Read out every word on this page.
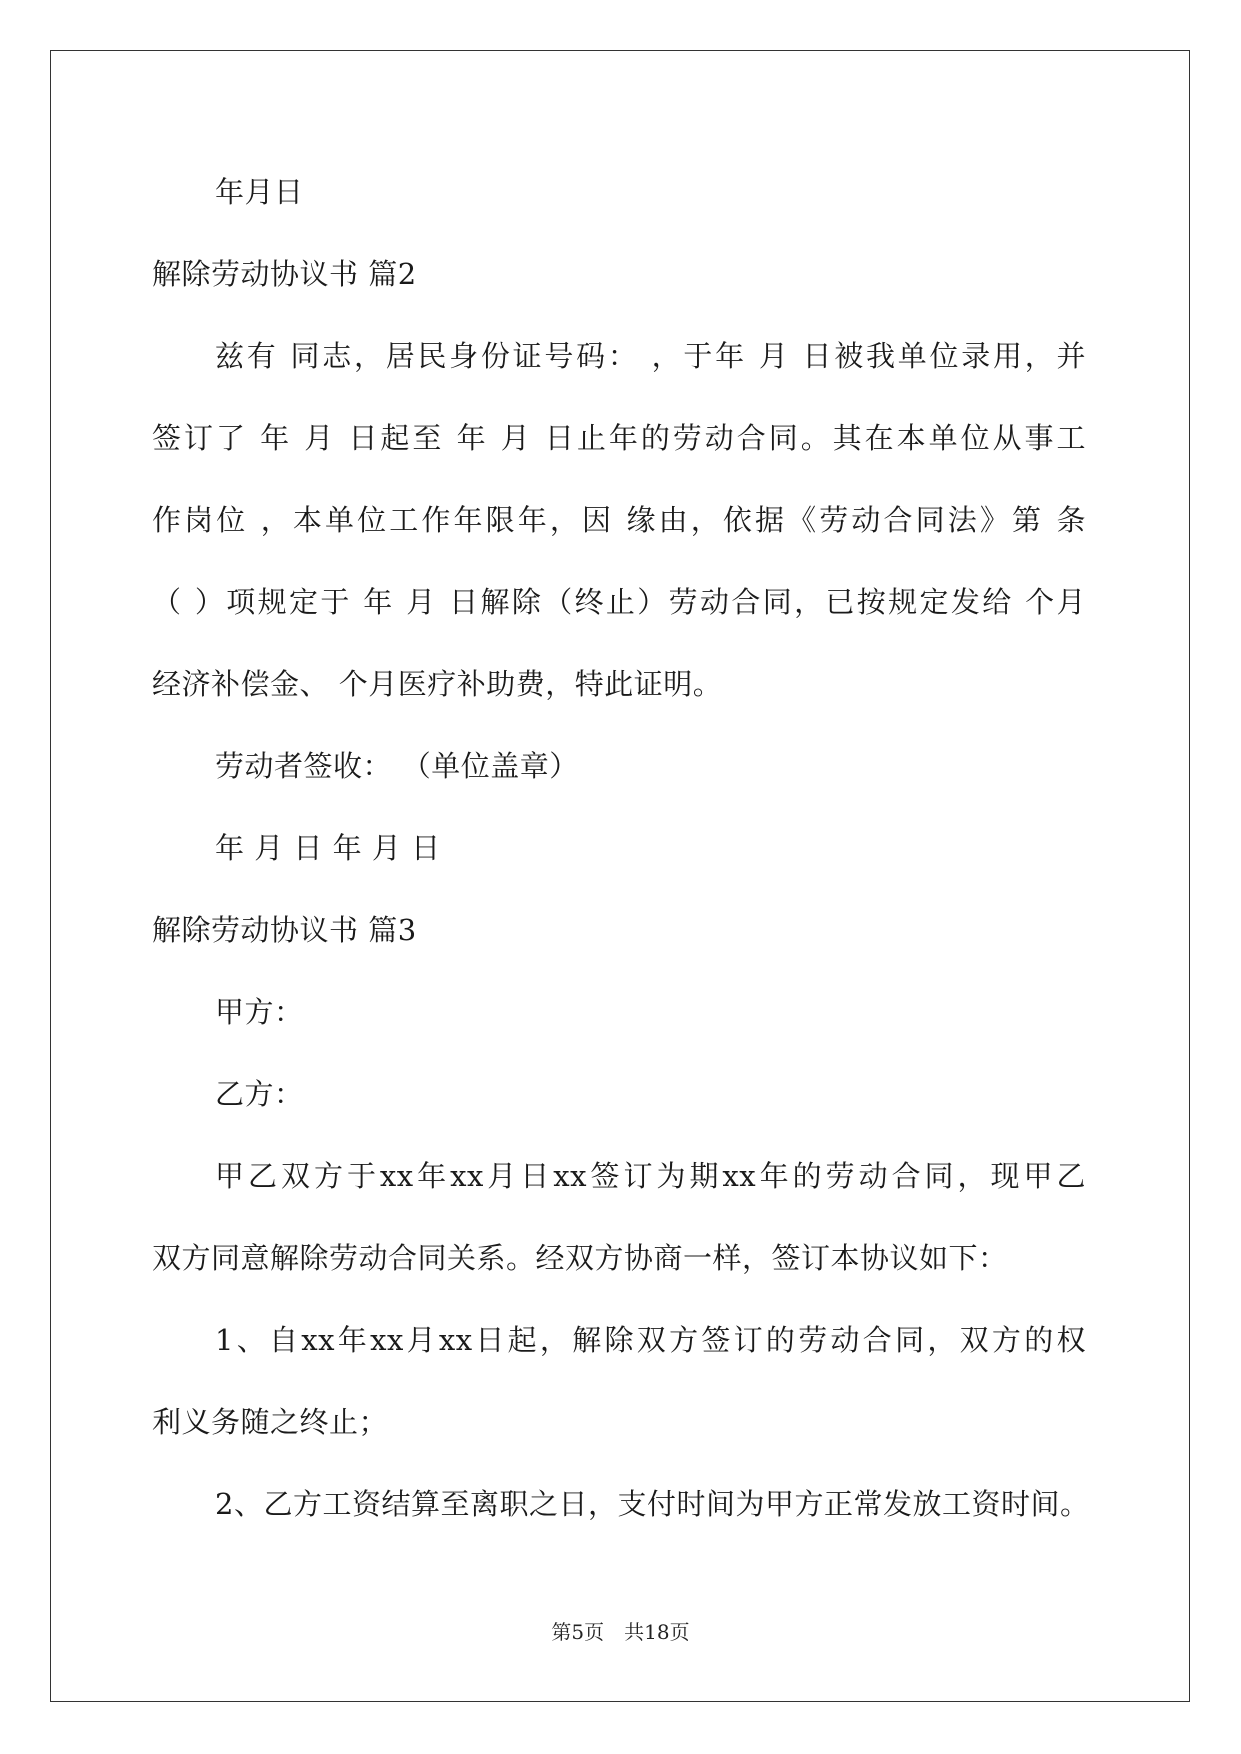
年月日
解除劳动协议书 篇2
兹有 同志，居民身份证号码： ，于年 月 日被我单位录用，并
签订了 年 月 日起至 年 月 日止年的劳动合同。其在本单位从事工
作岗位 ，本单位工作年限年，因 缘由，依据《劳动合同法》第 条
（ ）项规定于 年 月 日解除（终止）劳动合同，已按规定发给 个月
经济补偿金、 个月医疗补助费，特此证明。
劳动者签收： （单位盖章）
年 月 日 年 月 日
解除劳动协议书 篇3
甲方：
乙方：
甲乙双方于xx年xx月日xx签订为期xx年的劳动合同，现甲乙
双方同意解除劳动合同关系。经双方协商一样，签订本协议如下：
1、自xx年xx月xx日起，解除双方签订的劳动合同，双方的权
利义务随之终止；
2、乙方工资结算至离职之日，支付时间为甲方正常发放工资时间。
第5页　共18页
